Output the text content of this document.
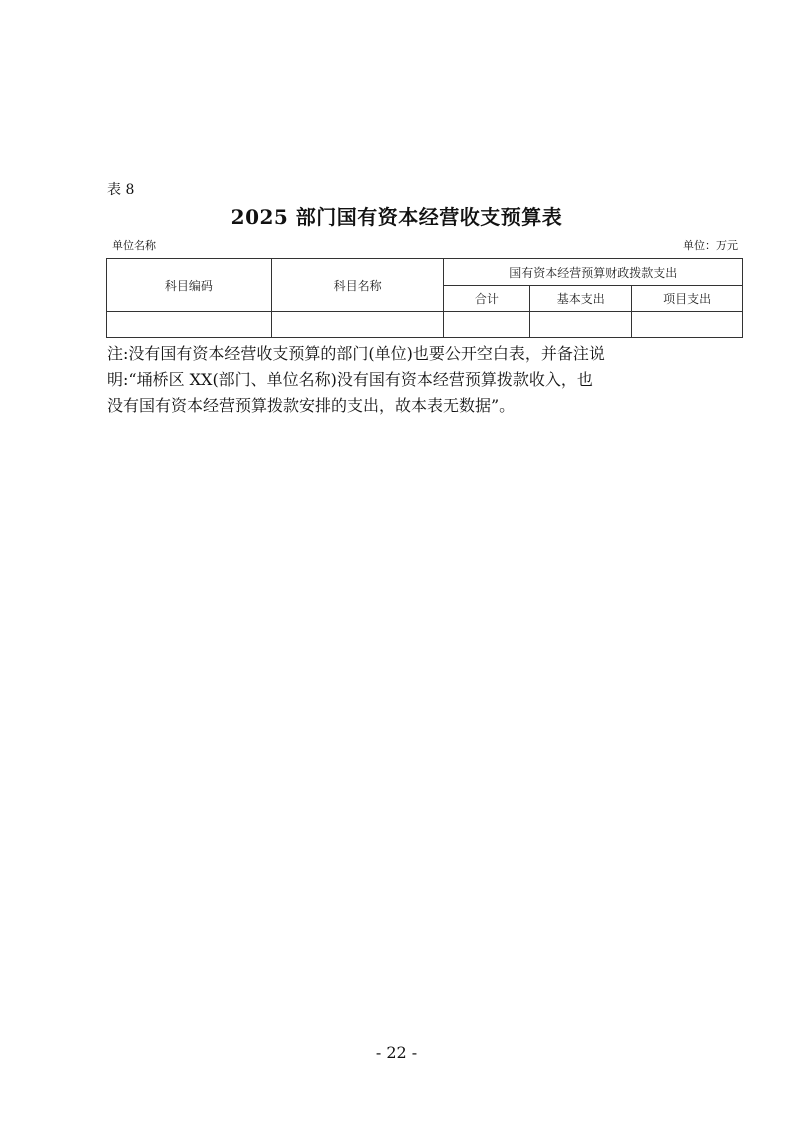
表 8
2025 部门国有资本经营收支预算表
单位名称	单位：万元
科目编码	科目名称	国有资本经营预算财政拨款支出		
		合计	基本支出	项目支出

注:没有国有资本经营收支预算的部门(单位)也要公开空白表，并备注说
明:“埇桥区 XX(部门、单位名称)没有国有资本经营预算拨款收入，也
没有国有资本经营预算拨款安排的支出，故本表无数据”。
- 22 -
